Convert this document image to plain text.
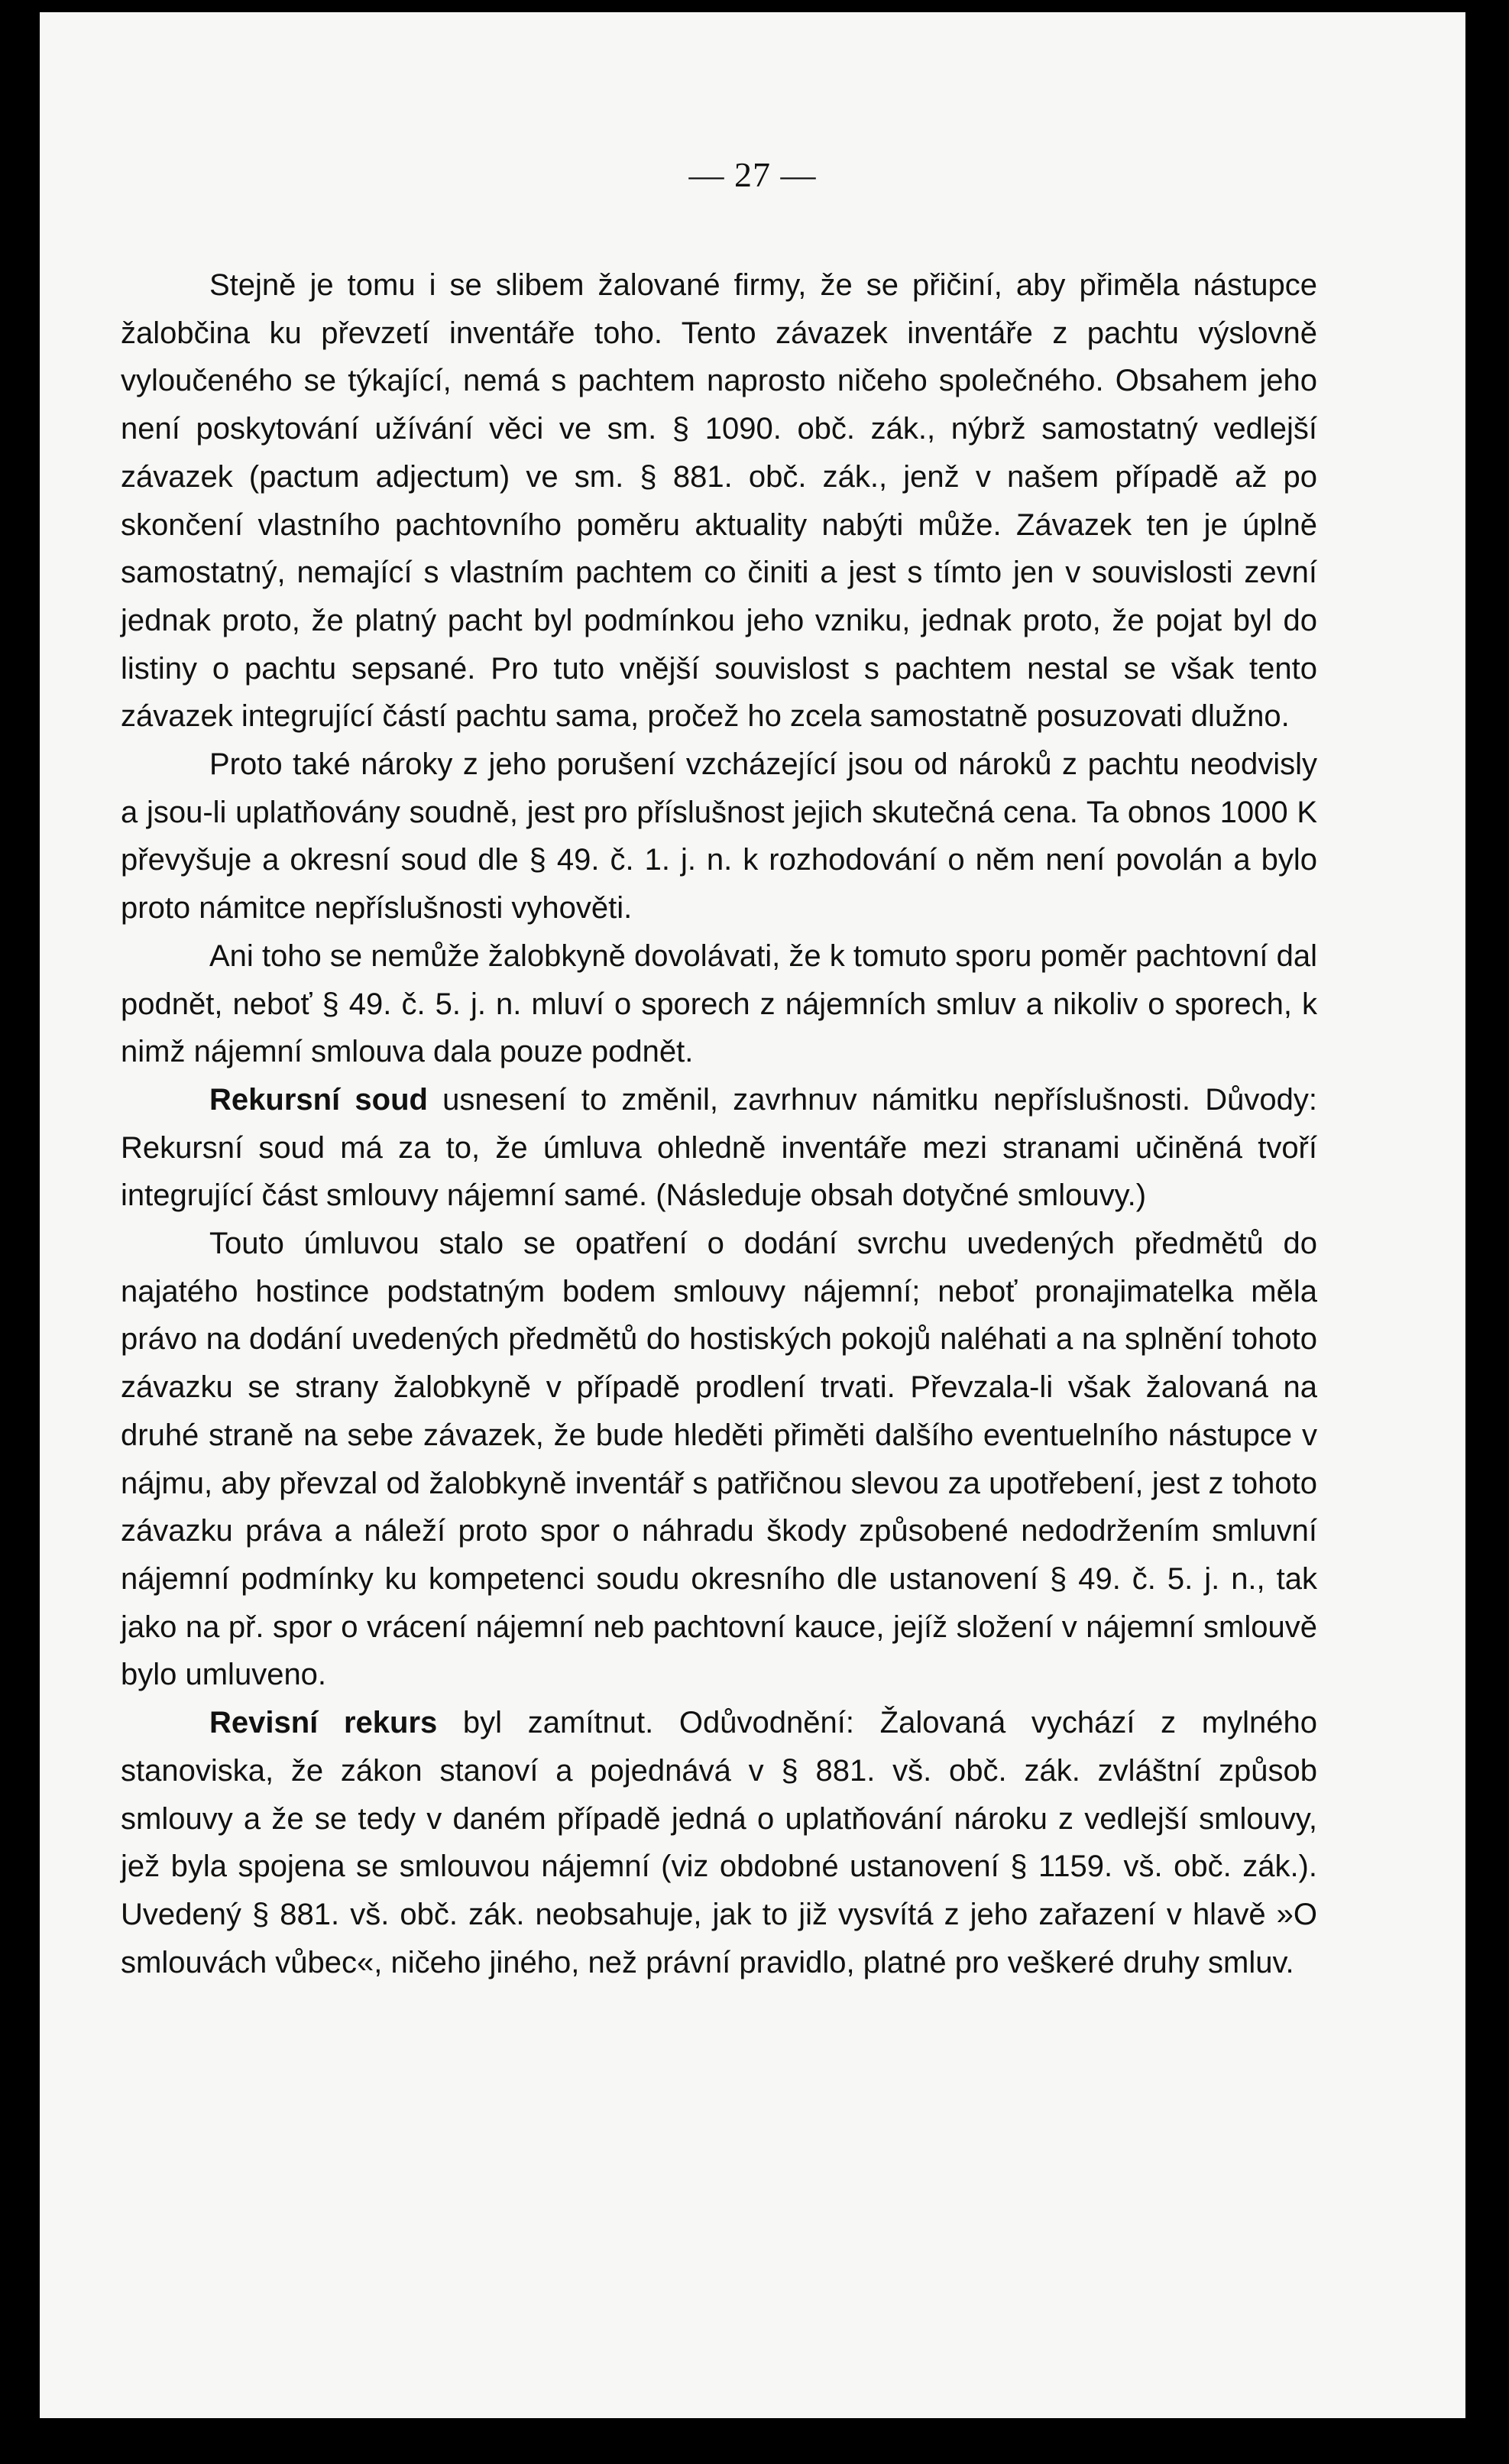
— 27 —

Stejně je tomu i se slibem žalované firmy, že se přičiní, aby přiměla nástupce žalobčina ku převzetí inventáře toho. Tento závazek inventáře z pachtu výslovně vyloučeného se týkající, nemá s pachtem naprosto ničeho společného. Obsahem jeho není poskytování užívání věci ve sm. § 1090. obč. zák., nýbrž samostatný vedlejší závazek (pactum adjectum) ve sm. § 881. obč. zák., jenž v našem případě až po skončení vlastního pachtovního poměru aktuality nabýti může. Závazek ten je úplně samostatný, nemající s vlastním pachtem co činiti a jest s tímto jen v souvislosti zevní jednak proto, že platný pacht byl podmínkou jeho vzniku, jednak proto, že pojat byl do listiny o pachtu sepsané. Pro tuto vnější souvislost s pachtem nestal se však tento závazek integrující částí pachtu sama, pročež ho zcela samostatně posuzovati dlužno.

Proto také nároky z jeho porušení vzcházející jsou od nároků z pachtu neodvisly a jsou-li uplatňovány soudně, jest pro příslušnost jejich skutečná cena. Ta obnos 1000 K převyšuje a okresní soud dle § 49. č. 1. j. n. k rozhodování o něm není povolán a bylo proto námitce nepříslušnosti vyhověti.

Ani toho se nemůže žalobkyně dovolávati, že k tomuto sporu poměr pachtovní dal podnět, neboť § 49. č. 5. j. n. mluví o sporech z nájemních smluv a nikoliv o sporech, k nimž nájemní smlouva dala pouze podnět.

Rekursní soud usnesení to změnil, zavrhnuv námitku nepříslušnosti. Důvody: Rekursní soud má za to, že úmluva ohledně inventáře mezi stranami učiněná tvoří integrující část smlouvy nájemní samé. (Následuje obsah dotyčné smlouvy.)

Touto úmluvou stalo se opatření o dodání svrchu uvedených předmětů do najatého hostince podstatným bodem smlouvy nájemní; neboť pronajimatelka měla právo na dodání uvedených předmětů do hostiských pokojů naléhati a na splnění tohoto závazku se strany žalobkyně v případě prodlení trvati. Převzala-li však žalovaná na druhé straně na sebe závazek, že bude hleděti přiměti dalšího eventuelního nástupce v nájmu, aby převzal od žalobkyně inventář s patřičnou slevou za upotřebení, jest z tohoto závazku práva a náleží proto spor o náhradu škody způsobené nedodržením smluvní nájemní podmínky ku kompetenci soudu okresního dle ustanovení § 49. č. 5. j. n., tak jako na př. spor o vrácení nájemní neb pachtovní kauce, jejíž složení v nájemní smlouvě bylo umluveno.

Revisní rekurs byl zamítnut. Odůvodnění: Žalovaná vychází z mylného stanoviska, že zákon stanoví a pojednává v § 881. vš. obč. zák. zvláštní způsob smlouvy a že se tedy v daném případě jedná o uplatňování nároku z vedlejší smlouvy, jež byla spojena se smlouvou nájemní (viz obdobné ustanovení § 1159. vš. obč. zák.). Uvedený § 881. vš. obč. zák. neobsahuje, jak to již vysvítá z jeho zařazení v hlavě »O smlouvách vůbec«, ničeho jiného, než právní pravidlo, platné pro veškeré druhy smluv.
